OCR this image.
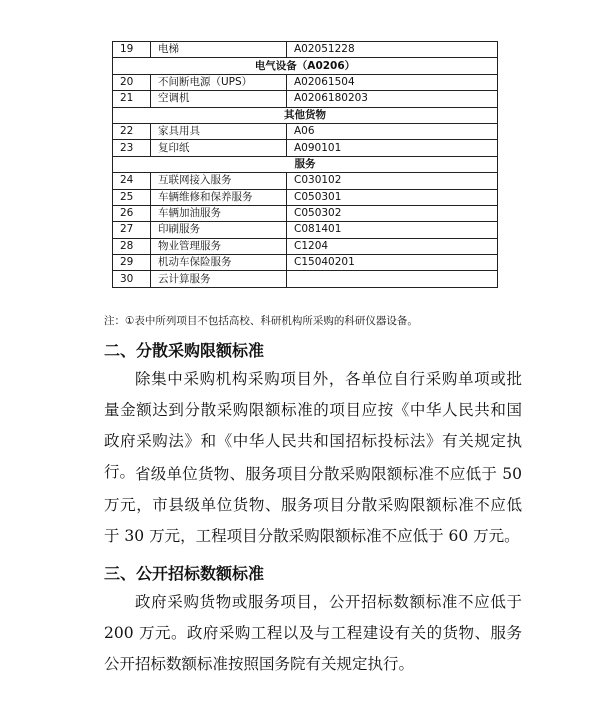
19	电梯	A02051228
电气设备（A0206）		
20	不间断电源（UPS）	A02061504
21	空调机	A0206180203
其他货物		
22	家具用具	A06
23	复印纸	A090101
服务		
24	互联网接入服务	C030102
25	车辆维修和保养服务	C050301
26	车辆加油服务	C050302
27	印刷服务	C081401
28	物业管理服务	C1204
29	机动车保险服务	C15040201
30	云计算服务	
注：①表中所列项目不包括高校、科研机构所采购的科研仪器设备。
二、分散采购限额标准
除集中采购机构采购项目外，各单位自行采购单项或批量金额达到分散采购限额标准的项目应按《中华人民共和国政府采购法》和《中华人民共和国招标投标法》有关规定执行。 省级单位货物、服务项目分散采购限额标准不应低于 50 万元，市县级单位货物、服务项目分散采购限额标准不应低于 30 万元，工程项目分散采购限额标准不应低于 60 万元。
三、公开招标数额标准
政府采购货物或服务项目，公开招标数额标准不应低于 200 万元。政府采购工程以及与工程建设有关的货物、服务公开招标数额标准按照国务院有关规定执行。
